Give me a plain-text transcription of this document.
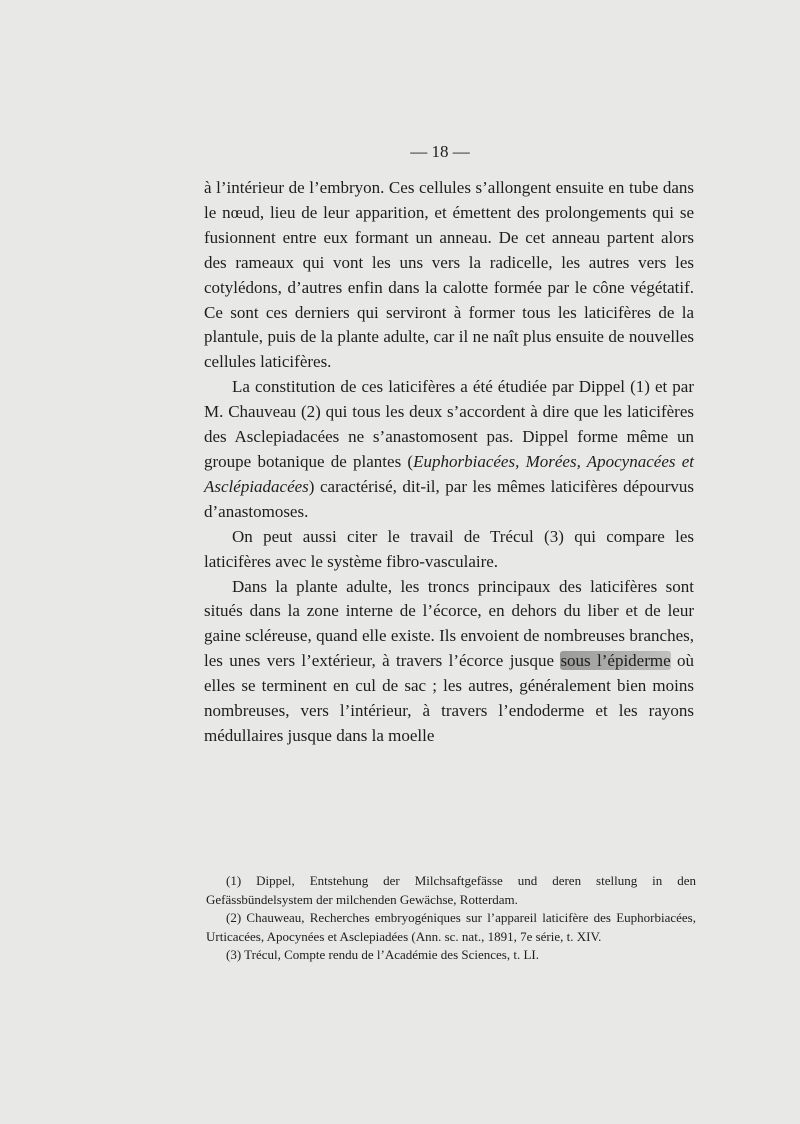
— 18 —

à l’intérieur de l’embryon. Ces cellules s’allongent ensuite en tube dans le nœud, lieu de leur apparition, et émettent des prolongements qui se fusionnent entre eux formant un anneau. De cet anneau partent alors des rameaux qui vont les uns vers la radicelle, les autres vers les cotylédons, d’autres enfin dans la calotte formée par le cône végétatif. Ce sont ces derniers qui serviront à former tous les laticifères de la plantule, puis de la plante adulte, car il ne naît plus ensuite de nouvelles cellules laticifères.

La constitution de ces laticifères a été étudiée par Dippel (1) et par M. Chauveau (2) qui tous les deux s’accordent à dire que les laticifères des Asclepiadacées ne s’anastomosent pas. Dippel forme même un groupe botanique de plantes (Euphorbiacées, Morées, Apocynacées et Asclépiadacées) caractérisé, dit-il, par les mêmes laticifères dépourvus d’anastomoses.

On peut aussi citer le travail de Trécul (3) qui compare les laticifères avec le système fibro-vasculaire.

Dans la plante adulte, les troncs principaux des laticifères sont situés dans la zone interne de l’écorce, en dehors du liber et de leur gaine scléreuse, quand elle existe. Ils envoient de nombreuses branches, les unes vers l’extérieur, à travers l’écorce jusque sous l’épiderme où elles se terminent en cul de sac ; les autres, généralement bien moins nombreuses, vers l’intérieur, à travers l’endoderme et les rayons médullaires jusque dans la moelle

(1) Dippel, Entstehung der Milchsaftgefässe und deren stellung in den Gefässbündelsystem der milchenden Gewächse, Rotterdam.

(2) Chauweau, Recherches embryogéniques sur l’appareil laticifère des Euphorbiacées, Urticacées, Apocynées et Asclepiadées (Ann. sc. nat., 1891, 7e série, t. XIV.

(3) Trécul, Compte rendu de l’Académie des Sciences, t. LI.
